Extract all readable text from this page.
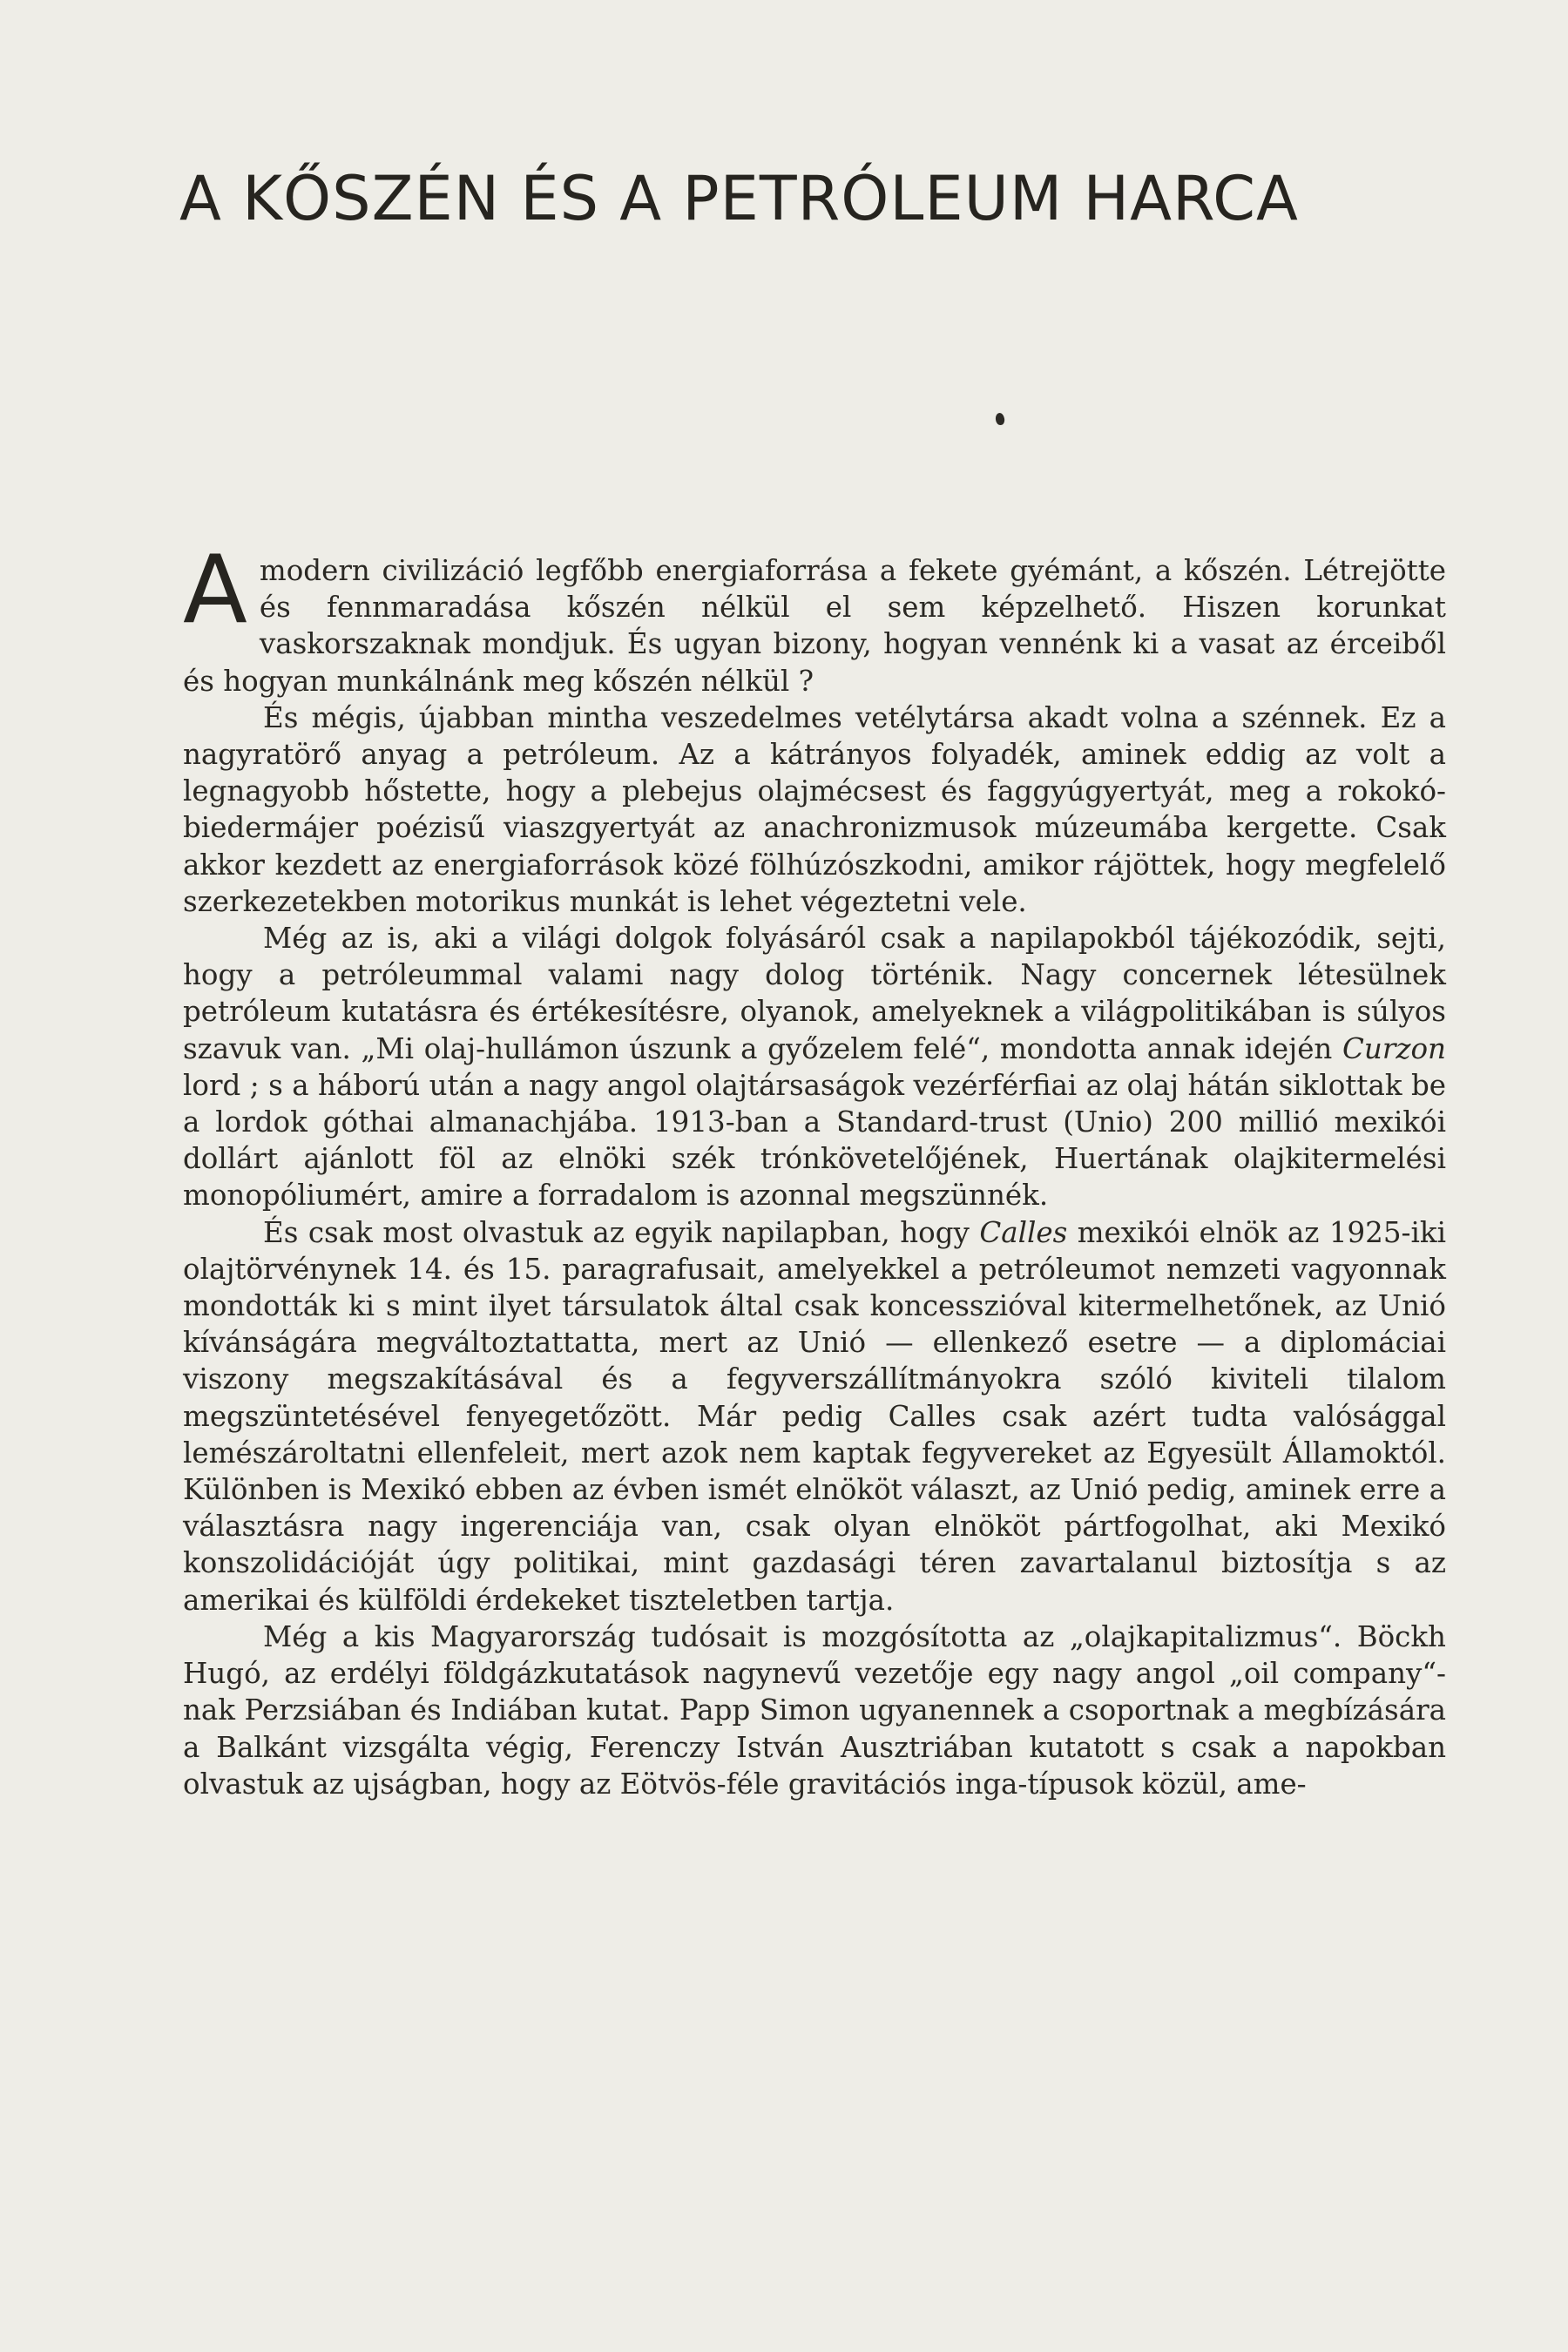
A KŐSZÉN ÉS A PETRÓLEUM HARCA

Amodern civilizáció legfőbb energiaforrása a fekete gyémánt, a kőszén. Létrejötte és fennmaradása kőszén nélkül el sem képzelhető. Hiszen korunkat vaskorszaknak mondjuk. És ugyan bizony, hogyan vennénk ki a vasat az érceiből és hogyan munkálnánk meg kőszén nélkül ?

És mégis, újabban mintha veszedelmes vetélytársa akadt volna a szénnek. Ez a nagyratörő anyag a petróleum. Az a kátrányos folyadék, aminek eddig az volt a legnagyobb hőstette, hogy a plebejus olajmécsest és faggyúgyertyát, meg a rokokó-biedermájer poézisű viaszgyertyát az anachronizmusok múzeumába kergette. Csak akkor kezdett az energiaforrások közé fölhúzószkodni, amikor rájöttek, hogy megfelelő szerkezetekben motorikus munkát is lehet végeztetni vele.

Még az is, aki a világi dolgok folyásáról csak a napilapokból tájékozódik, sejti, hogy a petróleummal valami nagy dolog történik. Nagy concernek létesülnek petróleum kutatásra és értékesítésre, olyanok, amelyeknek a világpolitikában is súlyos szavuk van. „Mi olaj-hullámon úszunk a győzelem felé“, mondotta annak idején Curzon lord ; s a háború után a nagy angol olajtársaságok vezérférfiai az olaj hátán siklottak be a lordok góthai almanachjába. 1913-ban a Standard-trust (Unio) 200 millió mexikói dollárt ajánlott föl az elnöki szék trónkövetelőjének, Huertának olajkitermelési monopóliumért, amire a forradalom is azonnal megszünnék.

És csak most olvastuk az egyik napilapban, hogy Calles mexikói elnök az 1925-iki olajtörvénynek 14. és 15. paragrafusait, amelyekkel a petróleumot nemzeti vagyonnak mondották ki s mint ilyet társulatok által csak koncesszióval kitermelhetőnek, az Unió kívánságára megváltoztattatta, mert az Unió — ellenkező esetre — a diplomáciai viszony megszakításával és a fegyverszállítmányokra szóló kiviteli tilalom megszüntetésével fenyegetőzött. Már pedig Calles csak azért tudta valósággal lemészároltatni ellenfeleit, mert azok nem kaptak fegyvereket az Egyesült Államoktól. Különben is Mexikó ebben az évben ismét elnököt választ, az Unió pedig, aminek erre a választásra nagy ingerenciája van, csak olyan elnököt pártfogolhat, aki Mexikó konszolidációját úgy politikai, mint gazdasági téren zavartalanul biztosítja s az amerikai és külföldi érdekeket tiszteletben tartja.

Még a kis Magyarország tudósait is mozgósította az „olajkapitalizmus“. Böckh Hugó, az erdélyi földgázkutatások nagynevű vezetője egy nagy angol „oil company“-nak Perzsiában és Indiában kutat. Papp Simon ugyanennek a csoportnak a megbízására a Balkánt vizsgálta végig, Ferenczy István Ausztriában kutatott s csak a napokban olvastuk az ujságban, hogy az Eötvös-féle gravitációs inga-típusok közül, ame-
